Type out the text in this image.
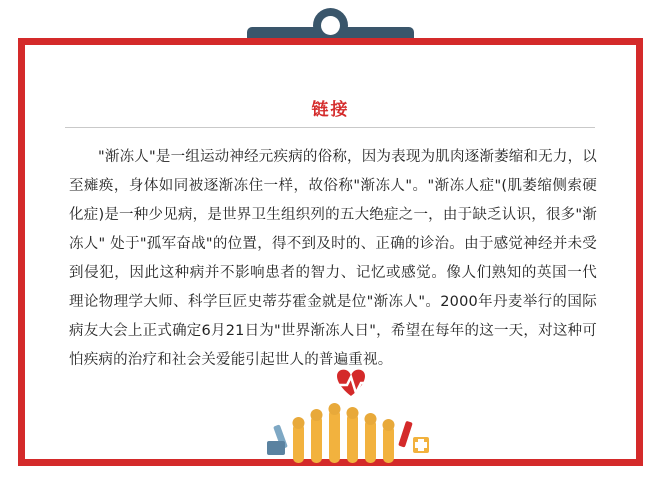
链接
"渐冻人"是一组运动神经元疾病的俗称，因为表现为肌肉逐渐萎缩和无力，以至瘫痪，身体如同被逐渐冻住一样，故俗称"渐冻人"。"渐冻人症"(肌萎缩侧索硬化症)是一种少见病，是世界卫生组织列的五大绝症之一，由于缺乏认识，很多"渐冻人" 处于"孤军奋战"的位置，得不到及时的、正确的诊治。由于感觉神经并未受到侵犯，因此这种病并不影响患者的智力、记忆或感觉。像人们熟知的英国一代理论物理学大师、科学巨匠史蒂芬霍金就是位"渐冻人"。2000年丹麦举行的国际病友大会上正式确定6月21日为"世界渐冻人日"，希望在每年的这一天，对这种可怕疾病的治疗和社会关爱能引起世人的普遍重视。
